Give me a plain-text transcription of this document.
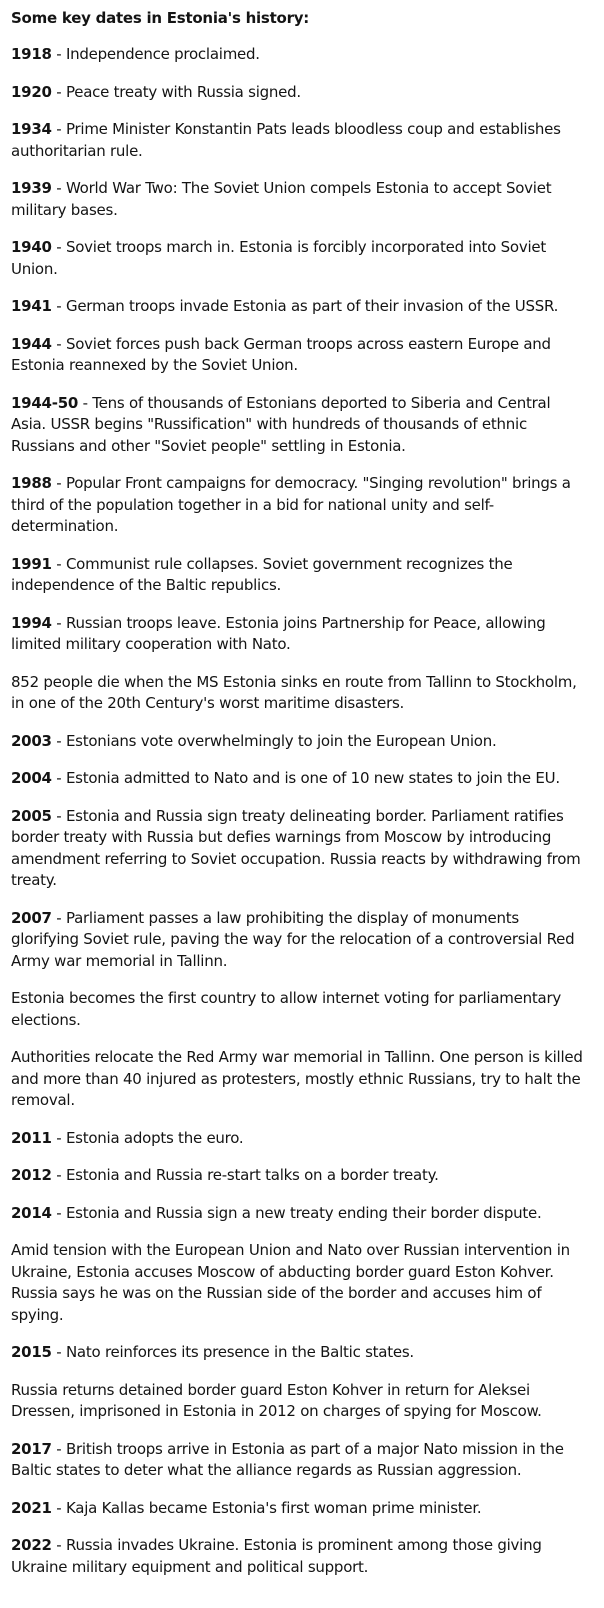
Some key dates in Estonia's history:

1918 - Independence proclaimed.

1920 - Peace treaty with Russia signed.

1934 - Prime Minister Konstantin Pats leads bloodless coup and establishes authoritarian rule.

1939 - World War Two: The Soviet Union compels Estonia to accept Soviet military bases.

1940 - Soviet troops march in. Estonia is forcibly incorporated into Soviet Union.

1941 - German troops invade Estonia as part of their invasion of the USSR.

1944 - Soviet forces push back German troops across eastern Europe and Estonia reannexed by the Soviet Union.

1944-50 - Tens of thousands of Estonians deported to Siberia and Central Asia. USSR begins "Russification" with hundreds of thousands of ethnic Russians and other "Soviet people" settling in Estonia.

1988 - Popular Front campaigns for democracy. "Singing revolution" brings a third of the population together in a bid for national unity and self-determination.

1991 - Communist rule collapses. Soviet government recognizes the independence of the Baltic republics.

1994 - Russian troops leave. Estonia joins Partnership for Peace, allowing limited military cooperation with Nato.

852 people die when the MS Estonia sinks en route from Tallinn to Stockholm, in one of the 20th Century's worst maritime disasters.

2003 - Estonians vote overwhelmingly to join the European Union.

2004 - Estonia admitted to Nato and is one of 10 new states to join the EU.

2005 - Estonia and Russia sign treaty delineating border. Parliament ratifies border treaty with Russia but defies warnings from Moscow by introducing amendment referring to Soviet occupation. Russia reacts by withdrawing from treaty.

2007 - Parliament passes a law prohibiting the display of monuments glorifying Soviet rule, paving the way for the relocation of a controversial Red Army war memorial in Tallinn.

Estonia becomes the first country to allow internet voting for parliamentary elections.

Authorities relocate the Red Army war memorial in Tallinn. One person is killed and more than 40 injured as protesters, mostly ethnic Russians, try to halt the removal.

2011 - Estonia adopts the euro.

2012 - Estonia and Russia re-start talks on a border treaty.

2014 - Estonia and Russia sign a new treaty ending their border dispute.

Amid tension with the European Union and Nato over Russian intervention in Ukraine, Estonia accuses Moscow of abducting border guard Eston Kohver. Russia says he was on the Russian side of the border and accuses him of spying.

2015 - Nato reinforces its presence in the Baltic states.

Russia returns detained border guard Eston Kohver in return for Aleksei Dressen, imprisoned in Estonia in 2012 on charges of spying for Moscow.

2017 - British troops arrive in Estonia as part of a major Nato mission in the Baltic states to deter what the alliance regards as Russian aggression.

2021 - Kaja Kallas became Estonia's first woman prime minister.

2022 - Russia invades Ukraine. Estonia is prominent among those giving Ukraine military equipment and political support.
